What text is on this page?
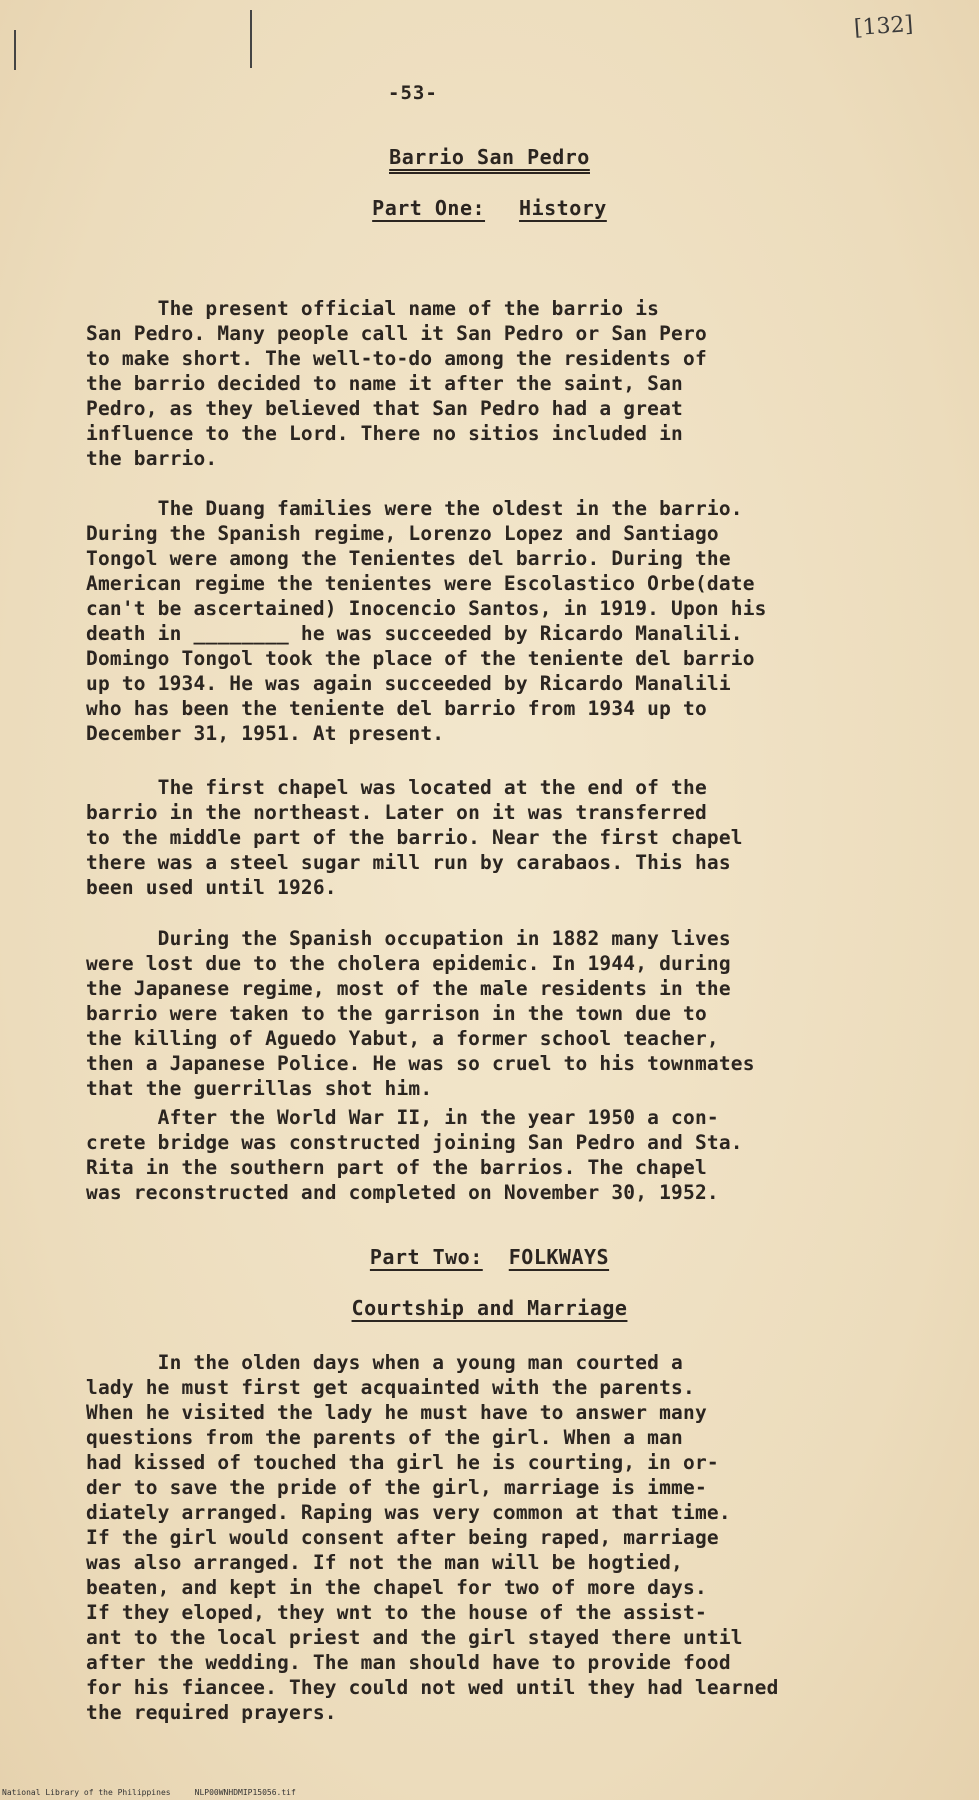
[132]
-53-
Barrio San Pedro
Part One: History
The present official name of the barrio is
San Pedro. Many people call it San Pedro or San Pero
to make short. The well-to-do among the residents of
the barrio decided to name it after the saint, San
Pedro, as they believed that San Pedro had a great
influence to the Lord. There no sitios included in
the barrio.
The Duang families were the oldest in the barrio.
During the Spanish regime, Lorenzo Lopez and Santiago
Tongol were among the Tenientes del barrio. During the
American regime the tenientes were Escolastico Orbe(date
can't be ascertained) Inocencio Santos, in 1919. Upon his
death in ________ he was succeeded by Ricardo Manalili.
Domingo Tongol took the place of the teniente del barrio
up to 1934. He was again succeeded by Ricardo Manalili
who has been the teniente del barrio from 1934 up to
December 31, 1951. At present.
The first chapel was located at the end of the
barrio in the northeast. Later on it was transferred
to the middle part of the barrio. Near the first chapel
there was a steel sugar mill run by carabaos. This has
been used until 1926.
During the Spanish occupation in 1882 many lives
were lost due to the cholera epidemic. In 1944, during
the Japanese regime, most of the male residents in the
barrio were taken to the garrison in the town due to
the killing of Aguedo Yabut, a former school teacher,
then a Japanese Police. He was so cruel to his townmates
that the guerrillas shot him.
After the World War II, in the year 1950 a con-
crete bridge was constructed joining San Pedro and Sta.
Rita in the southern part of the barrios. The chapel
was reconstructed and completed on November 30, 1952.
Part Two: FOLKWAYS
Courtship and Marriage
In the olden days when a young man courted a
lady he must first get acquainted with the parents.
When he visited the lady he must have to answer many
questions from the parents of the girl. When a man
had kissed of touched tha girl he is courting, in or-
der to save the pride of the girl, marriage is imme-
diately arranged. Raping was very common at that time.
If the girl would consent after being raped, marriage
was also arranged. If not the man will be hogtied,
beaten, and kept in the chapel for two of more days.
If they eloped, they wnt to the house of the assist-
ant to the local priest and the girl stayed there until
after the wedding. The man should have to provide food
for his fiancee. They could not wed until they had learned
the required prayers.
National Library of the Philippines     NLP00WNHDMIP15056.tif
